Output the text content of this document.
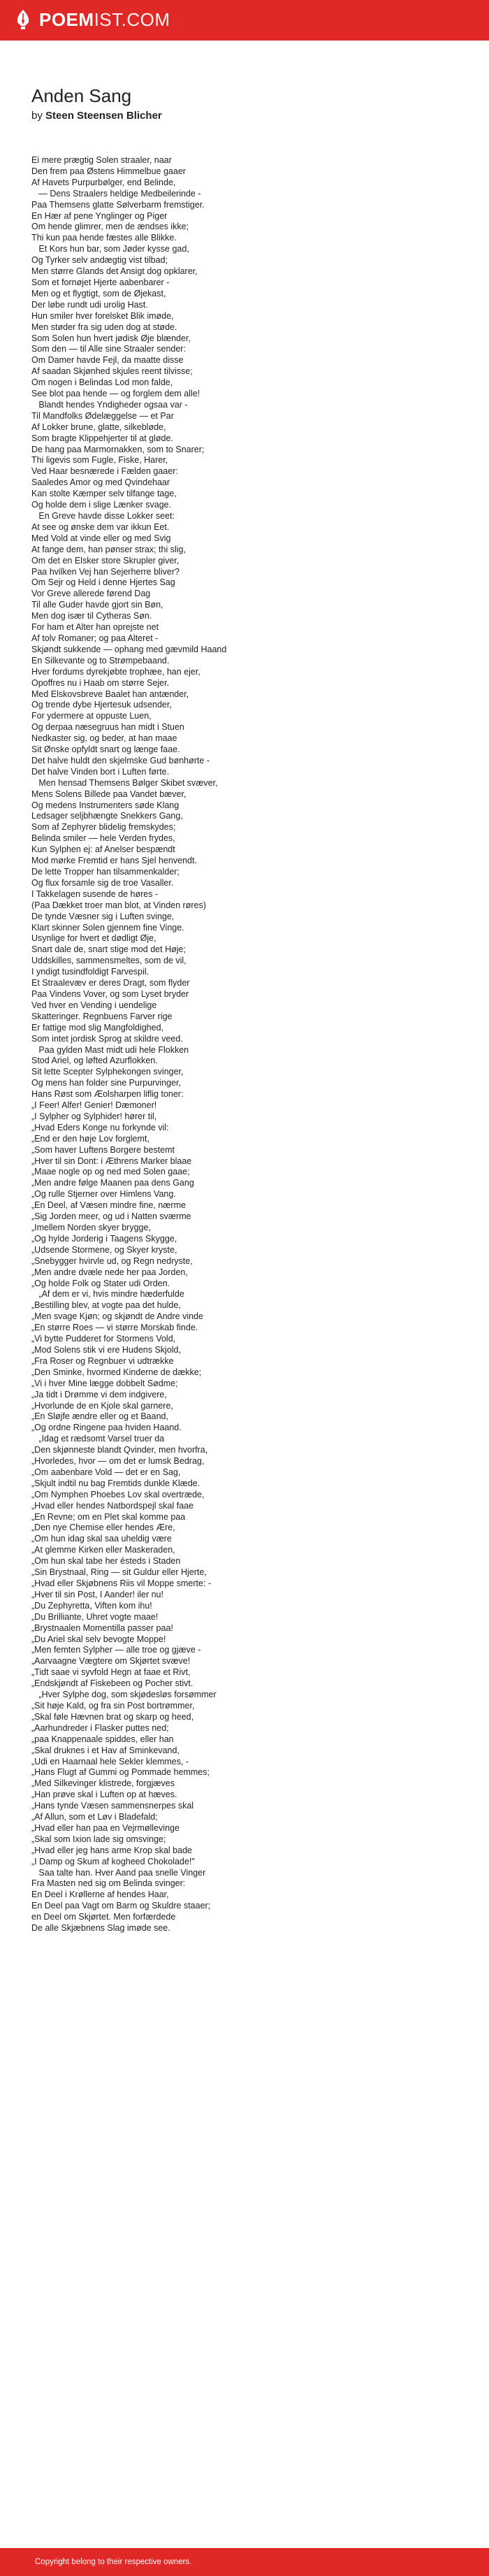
POEMIST.COM
Anden Sang
by Steen Steensen Blicher
Ei mere prægtig Solen straaler, naar
Den frem paa Østens Himmelbue gaaer
Af Havets Purpurbølger, end Belinde,
— Dens Straalers heldige Medbeilerinde -
Paa Themsens glatte Sølverbarm fremstiger.
En Hær af pene Ynglinger og Piger
Om hende glimrer, men de ændses ikke;
Thi kun paa hende fæstes alle Blikke.
Et Kors hun bar, som Jøder kysse gad,
Og Tyrker selv andægtig vist tilbad;
Men større Glands det Ansigt dog opklarer,
Som et fornøjet Hjerte aabenbarer -
Men og et flygtigt, som de Øjekast,
Der løbe rundt udi urolig Hast.
Hun smiler hver forelsket Blik imøde,
Men støder fra sig uden dog at støde.
Som Solen hun hvert jødisk Øje blænder,
Som den — til Alle sine Straaler sender:
Om Damer havde Fejl, da maatte disse
Af saadan Skjønhed skjules reent tilvisse;
Om nogen i Belindas Lod mon falde,
See blot paa hende — og forglem dem alle!
Blandt hendes Yndigheder ogsaa var -
Til Mandfolks Ødelæggelse — et Par
Af Lokker brune, glatte, silkebløde,
Som bragte Klippehjerter til at gløde.
De hang paa Marmornakken, som to Snarer;
Thi ligevis som Fugle, Fiske, Harer,
Ved Haar besnærede i Fælden gaaer:
Saaledes Amor og med Qvindehaar
Kan stolte Kæmper selv tilfange tage,
Og holde dem i slige Lænker svage.
En Greve havde disse Lokker seet:
At see og ønske dem var ikkun Eet.
Med Vold at vinde eller og med Svig
At fange dem, han pønser strax; thi slig,
Om det en Elsker store Skrupler giver,
Paa hvilken Vej han Sejerherre bliver?
Om Sejr og Held i denne Hjertes Sag
Vor Greve allerede førend Dag
Til alle Guder havde gjort sin Bøn,
Men dog især til Cytheras Søn.
For ham et Alter han oprejste net
Af tolv Romaner; og paa Alteret -
Skjøndt sukkende — ophang med gævmild Haand
En Silkevante og to Strømpebaand.
Hver fordums dyrekjøbte trophæe, han ejer,
Opoffres nu i Haab om større Sejer.
Med Elskovsbreve Baalet han antænder,
Og trende dybe Hjertesuk udsender,
For ydermere at oppuste Luen,
Og derpaa næsegruus han midt i Stuen
Nedkaster sig, og beder, at han maae
Sit Ønske opfyldt snart og længe faae.
Det halve huldt den skjelmske Gud bønhørte -
Det halve Vinden bort i Luften førte.
Men hensad Themsens Bølger Skibet svæver,
Mens Solens Billede paa Vandet bæver,
Og medens Instrumenters søde Klang
Ledsager seljbhængte Snekkers Gang,
Som af Zephyrer blidelig fremskydes;
Belinda smiler — hele Verden frydes,
Kun Sylphen ej: af Anelser bespændt
Mod mørke Fremtid er hans Sjel henvendt.
De lette Tropper han tilsammenkalder;
Og flux forsamle sig de troe Vasaller.
I Takkelagen susende de høres -
(Paa Dækket troer man blot, at Vinden røres)
De tynde Væsner sig i Luften svinge,
Klart skinner Solen gjennem fine Vinge.
Usynlige for hvert et dødligt Øje,
Snart dale de, snart stige mod det Høje;
Uddskilles, sammensmeltes, som de vil,
I yndigt tusindfoldigt Farvespil.
Et Straalevæv er deres Dragt, som flyder
Paa Vindens Vover, og som Lyset bryder
Ved hver en Vending i uendelige
Skatteringer. Regnbuens Farver rige
Er fattige mod slig Mangfoldighed,
Som intet jordisk Sprog at skildre veed.
Paa gylden Mast midt udi hele Flokken
Stod Ariel, og løfted Azurflokken.
Sit lette Scepter Sylphekongen svinger,
Og mens han folder sine Purpurvinger,
Hans Røst som Æolsharpen liflig toner:
„I Feer! Alfer! Genier! Dæmoner!
„I Sylpher og Sylphider! hører til,
„Hvad Eders Konge nu forkynde vil:
„End er den høje Lov forglemt,
„Som haver Luftens Borgere bestemt
„Hver til sin Dont: i Æthrens Marker blaae
„Maae nogle op og ned med Solen gaae;
„Men andre følge Maanen paa dens Gang
„Og rulle Stjerner over Himlens Vang.
„En Deel, af Væsen mindre fine, nærme
„Sig Jorden meer, og ud i Natten sværme
„Imellem Norden skyer brygge,
„Og hylde Jorderig i Taagens Skygge,
„Udsende Stormene, og Skyer kryste,
„Snebygger hvirvle ud, og Regn nedryste,
„Men andre dvæle nede her paa Jorden,
„Og holde Folk og Stater udi Orden.
„Af dem er vi, hvis mindre hæderfulde
„Bestilling blev, at vogte paa det hulde,
„Men svage Kjøn; og skjøndt de Andre vinde
„En større Roes — vi større Morskab finde.
„Vi bytte Pudderet for Stormens Vold,
„Mod Solens stik vi ere Hudens Skjold,
„Fra Roser og Regnbuer vi udtrække
„Den Sminke, hvormed Kinderne de dække;
„Vi i hver Mine lægge dobbelt Sødme;
„Ja tidt i Drømme vi dem indgivere,
„Hvorlunde de en Kjole skal garnere,
„En Sløjfe ændre eller og et Baand,
„Og ordne Ringene paa hviden Haand.
„Idag et rædsomt Varsel truer da
„Den skjønneste blandt Qvinder, men hvorfra,
„Hvorledes, hvor — om det er lumsk Bedrag,
„Om aabenbare Vold — det er en Sag,
„Skjult indtil nu bag Fremtids dunkle Klæde.
„Om Nymphen Phoebes Lov skal overtræde,
„Hvad eller hendes Natbordspejl skal faae
„En Revne; om en Plet skal komme paa
„Den nye Chemise eller hendes Ære,
„Om hun idag skal saa uheldig være
„At glemme Kirken eller Maskeraden,
„Om hun skal tabe her ésteds i Staden
„Sin Brystnaal, Ring — sit Guldur eller Hjerte,
„Hvad eller Skjøbnens Riis vil Moppe smerte: -
„Hver til sin Post, I Aander! iler nu!
„Du Zephyretta, Viften kom ihu!
„Du Brilliante, Uhret vogte maae!
„Brystnaalen Momentilla passer paa!
„Du Ariel skal selv bevogte Moppe!
„Men femten Sylpher — alle troe og gjæve -
„Aarvaagne Vægtere om Skjørtet svæve!
„Tidt saae vi syvfold Hegn at faae et Rivt,
„Endskjøndt af Fiskebeen og Pocher stivt.
„Hver Sylphe dog, som skjødesløs forsømmer
„Sit høje Kald, og fra sin Post bortrømmer,
„Skal føle Hævnen brat og skarp og heed,
„Aarhundreder i Flasker puttes ned;
„paa Knappenaale spiddes, eller han
„Skal druknes i et Hav af Sminkevand,
„Udi en Haarnaal hele Sekler klemmes, -
„Hans Flugt af Gummi og Pommade hemmes;
„Med Silkevinger klistrede, forgjæves
„Han prøve skal i Luften op at hæves.
„Hans tynde Væsen sammensnerpes skal
„Af Allun, som et Løv i Bladefald;
„Hvad eller han paa en Vejrmøllevinge
„Skal som Ixion lade sig omsvinge;
„Hvad eller jeg hans arme Krop skal bade
„I Damp og Skum af kogheed Chokolade!"
Saa talte han. Hver Aand paa snelle Vinger
Fra Masten ned sig om Belinda svinger:
En Deel i Krøllerne af hendes Haar,
En Deel paa Vagt om Barm og Skuldre staaer;
en Deel om Skjørtet. Men forfærdede
De alle Skjæbnens Slag imøde see.
Copyright belong to their respective owners.
